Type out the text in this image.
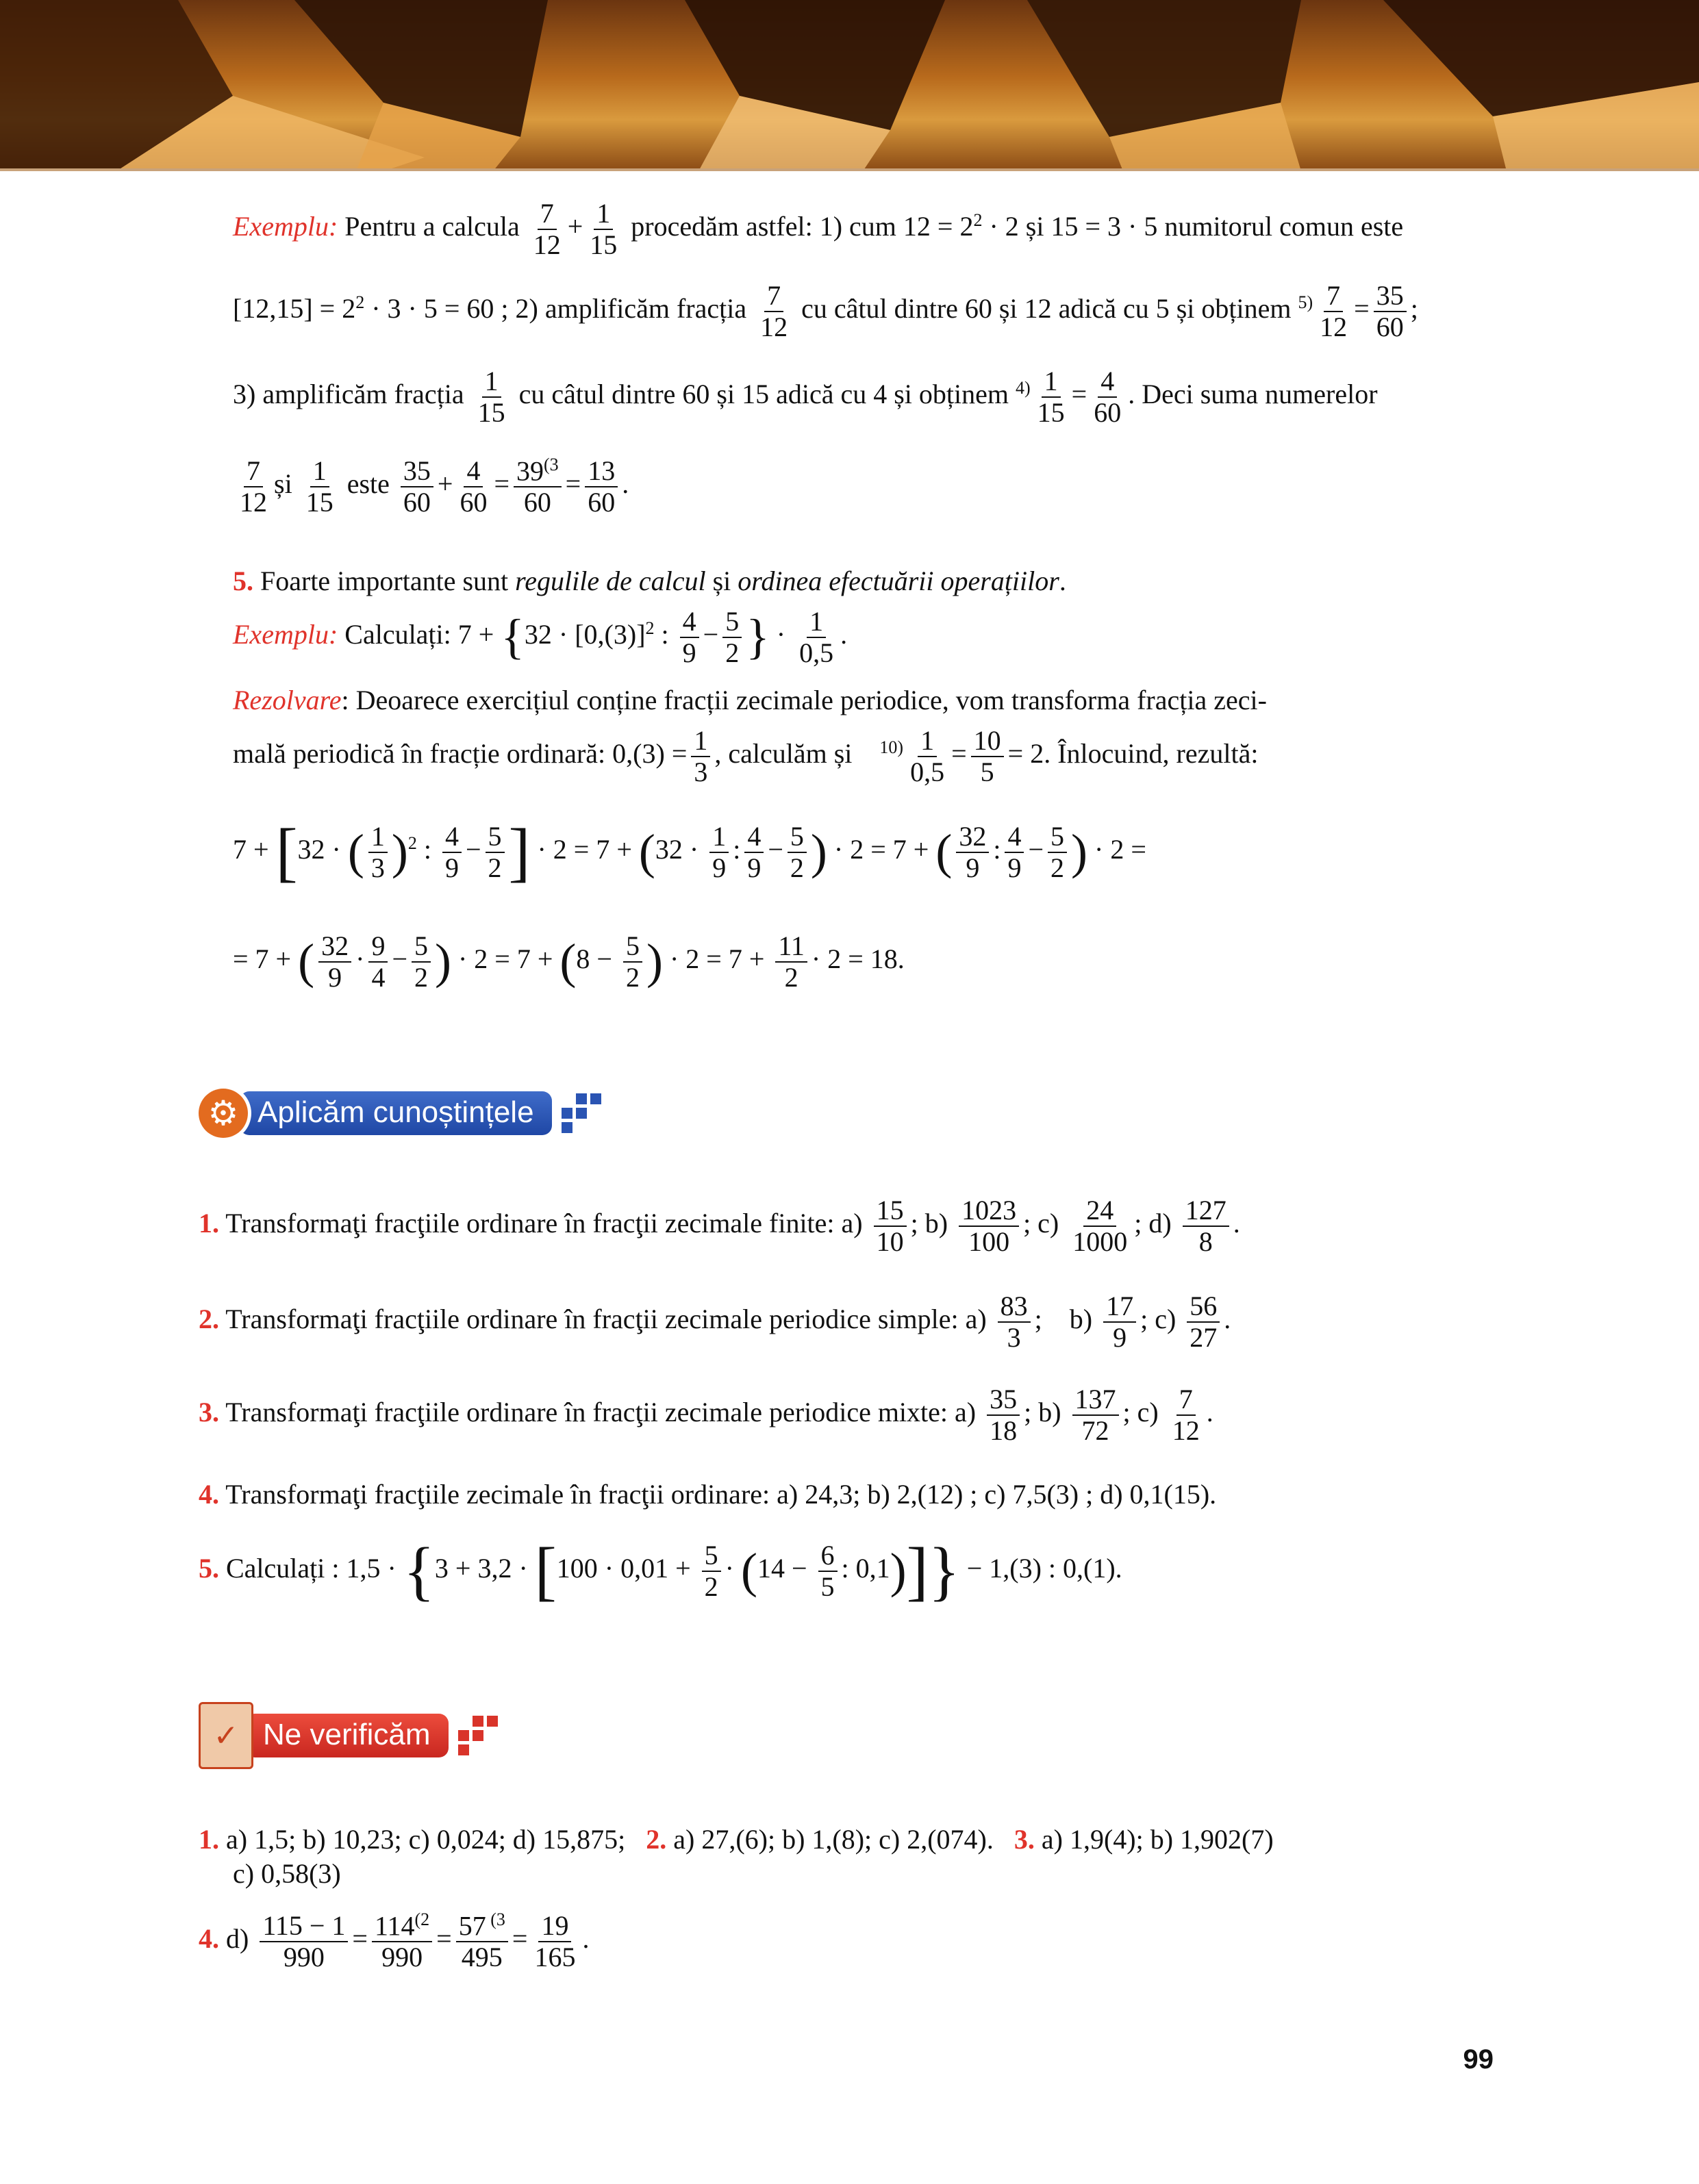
Exemplu: Pentru a calcula $\frac{7}{12} + \frac{1}{15}$ procedăm astfel: 1) cum $12 = 2^2 \cdot 2$ și 15 = 3 · 5 numitorul comun este
$[12,15] = 2^2 \cdot 3 \cdot 5 = 60$ ; 2) amplificăm fracția $\frac{7}{12}$ cu câtul dintre 60 și 12 adică cu 5 și obținem $^{5)} \frac{7}{12} = \frac{35}{60}$ ;
3) amplificăm fracția $\frac{1}{15}$ cu câtul dintre 60 și 15 adică cu 4 și obținem $^{4)} \frac{1}{15} = \frac{4}{60}$ . Deci suma numerelor
$\frac{7}{12}$ și $\frac{1}{15}$ este $\frac{35}{60} + \frac{4}{60} = \frac{39^{(3}}{60} = \frac{13}{60}$ .
5. Foarte importante sunt regulile de calcul și ordinea efectuării operațiilor.
Exemplu: Calculați: $7 + \{32 \cdot [0,(3)]^2$ : $\frac{4}{9} - \frac{5}{2}$ } · $\frac{1}{0,5}$ .
Rezolvare: Deoarece exercițiul conține fracții zecimale periodice, vom transforma fracția zeci-
mală periodică în fracție ordinară: $0,(3) = \frac{1}{3}$ , calculăm și $^{10)} \frac{1}{0,5} = \frac{10}{5} = 2$. Înlocuind, rezultă:
7 + [32 · ( $\frac{1}{3} )^2$ : $\frac{4}{9} - \frac{5}{2}$ ] · $2 = 7 + (32 \cdot \frac{1}{9}$ : $\frac{4}{9} - \frac{5}{2}$ ) · 2 = 7 + ( $\frac{32}{9}$ : $\frac{4}{9} - \frac{5}{2}$ ) · 2 =
= 7 + ( $\frac{32}{9} \cdot \frac{9}{4} - \frac{5}{2}$ ) · $2 = 7 + (8 - \frac{5}{2}$ ) · $2 = 7 + \frac{11}{2} \cdot 2 = 18$.
⚙ Aplicăm cunoștințele
1. Transformaţi fracţiile ordinare în fracţii zecimale finite: $a) \frac{15}{10}$ ; $b) \frac{1023}{100}$ ; $c) \frac{24}{1000}$ ; $d) \frac{127}{8}$ .
2. Transformaţi fracţiile ordinare în fracţii zecimale periodice simple: $a) \frac{83}{3}$ ;    $b) \frac{17}{9}$ ; $c) \frac{56}{27}$ .
3. Transformaţi fracţiile ordinare în fracţii zecimale periodice mixte: $a) \frac{35}{18}$ ; $b) \frac{137}{72}$ ; $c) \frac{7}{12}$ .
4. Transformaţi fracţiile zecimale în fracţii ordinare: a) 24,3; b) 2,(12) ; c) 7,5(3) ; d) 0,1(15).
5. Calculați : $1,5 \cdot \{3 + 3,2 \cdot [100 \cdot 0,01 + \frac{5}{2} \cdot (14 - \frac{6}{5}$ : 0,1)]} − 1,(3) : 0,(1).
✓ Ne verificăm
1. a) 1,5; b) 10,23; c) 0,024; d) 15,875; 2. a) 27,(6); b) 1,(8); c) 2,(074). 3. a) 1,9(4); b) 1,902(7)
c) 0,58(3)
4. $d) \frac{115 - 1}{990} = \frac{114^{(2}}{990} = \frac{57 ^{(3}}{495} = \frac{19}{165}$ .
99
